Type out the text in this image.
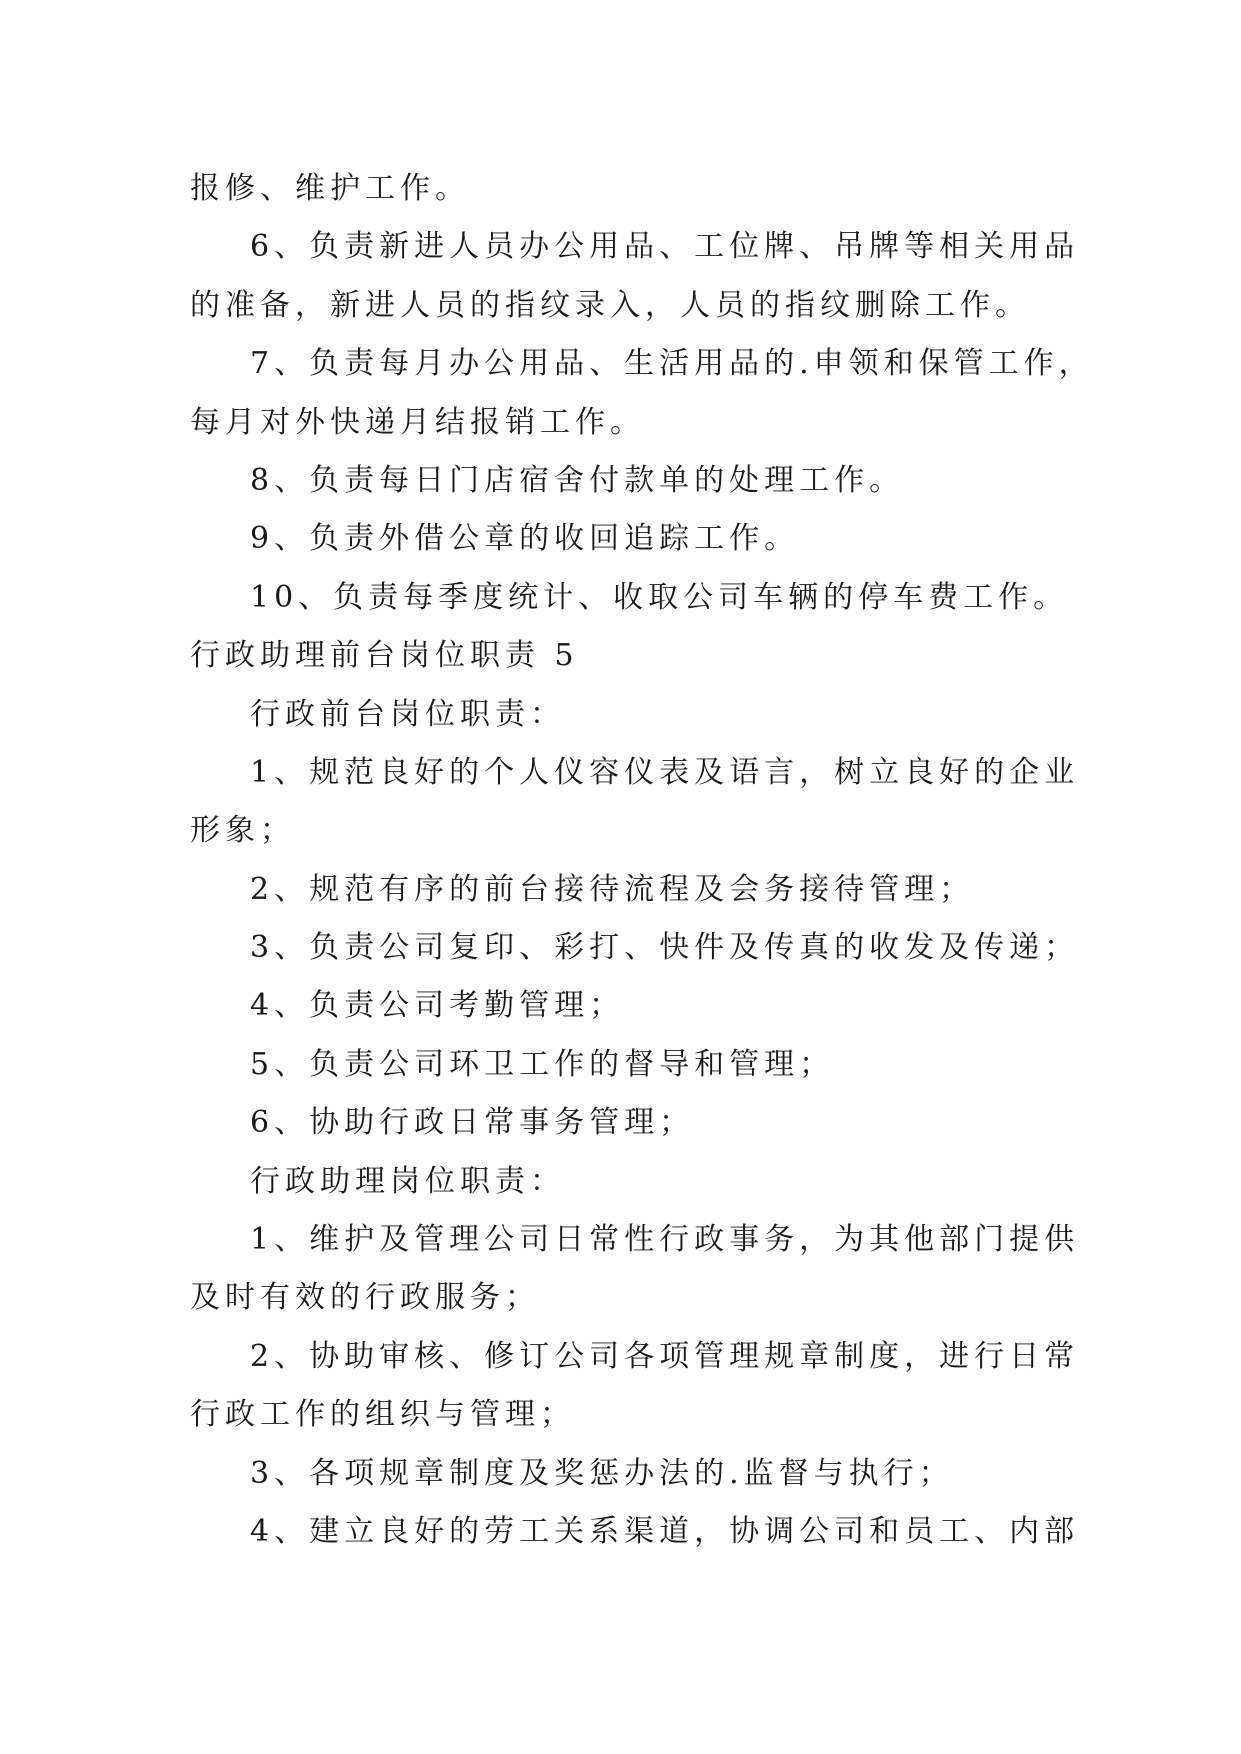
报修、维护工作。
6、负责新进人员办公用品、工位牌、吊牌等相关用品
的准备，新进人员的指纹录入，人员的指纹删除工作。
7、负责每月办公用品、生活用品的.申领和保管工作，
每月对外快递月结报销工作。
8、负责每日门店宿舍付款单的处理工作。
9、负责外借公章的收回追踪工作。
10、负责每季度统计、收取公司车辆的停车费工作。
行政助理前台岗位职责 5
行政前台岗位职责：
1、规范良好的个人仪容仪表及语言，树立良好的企业
形象；
2、规范有序的前台接待流程及会务接待管理；
3、负责公司复印、彩打、快件及传真的收发及传递；
4、负责公司考勤管理；
5、负责公司环卫工作的督导和管理；
6、协助行政日常事务管理；
行政助理岗位职责：
1、维护及管理公司日常性行政事务，为其他部门提供
及时有效的行政服务；
2、协助审核、修订公司各项管理规章制度，进行日常
行政工作的组织与管理；
3、各项规章制度及奖惩办法的.监督与执行；
4、建立良好的劳工关系渠道，协调公司和员工、内部
